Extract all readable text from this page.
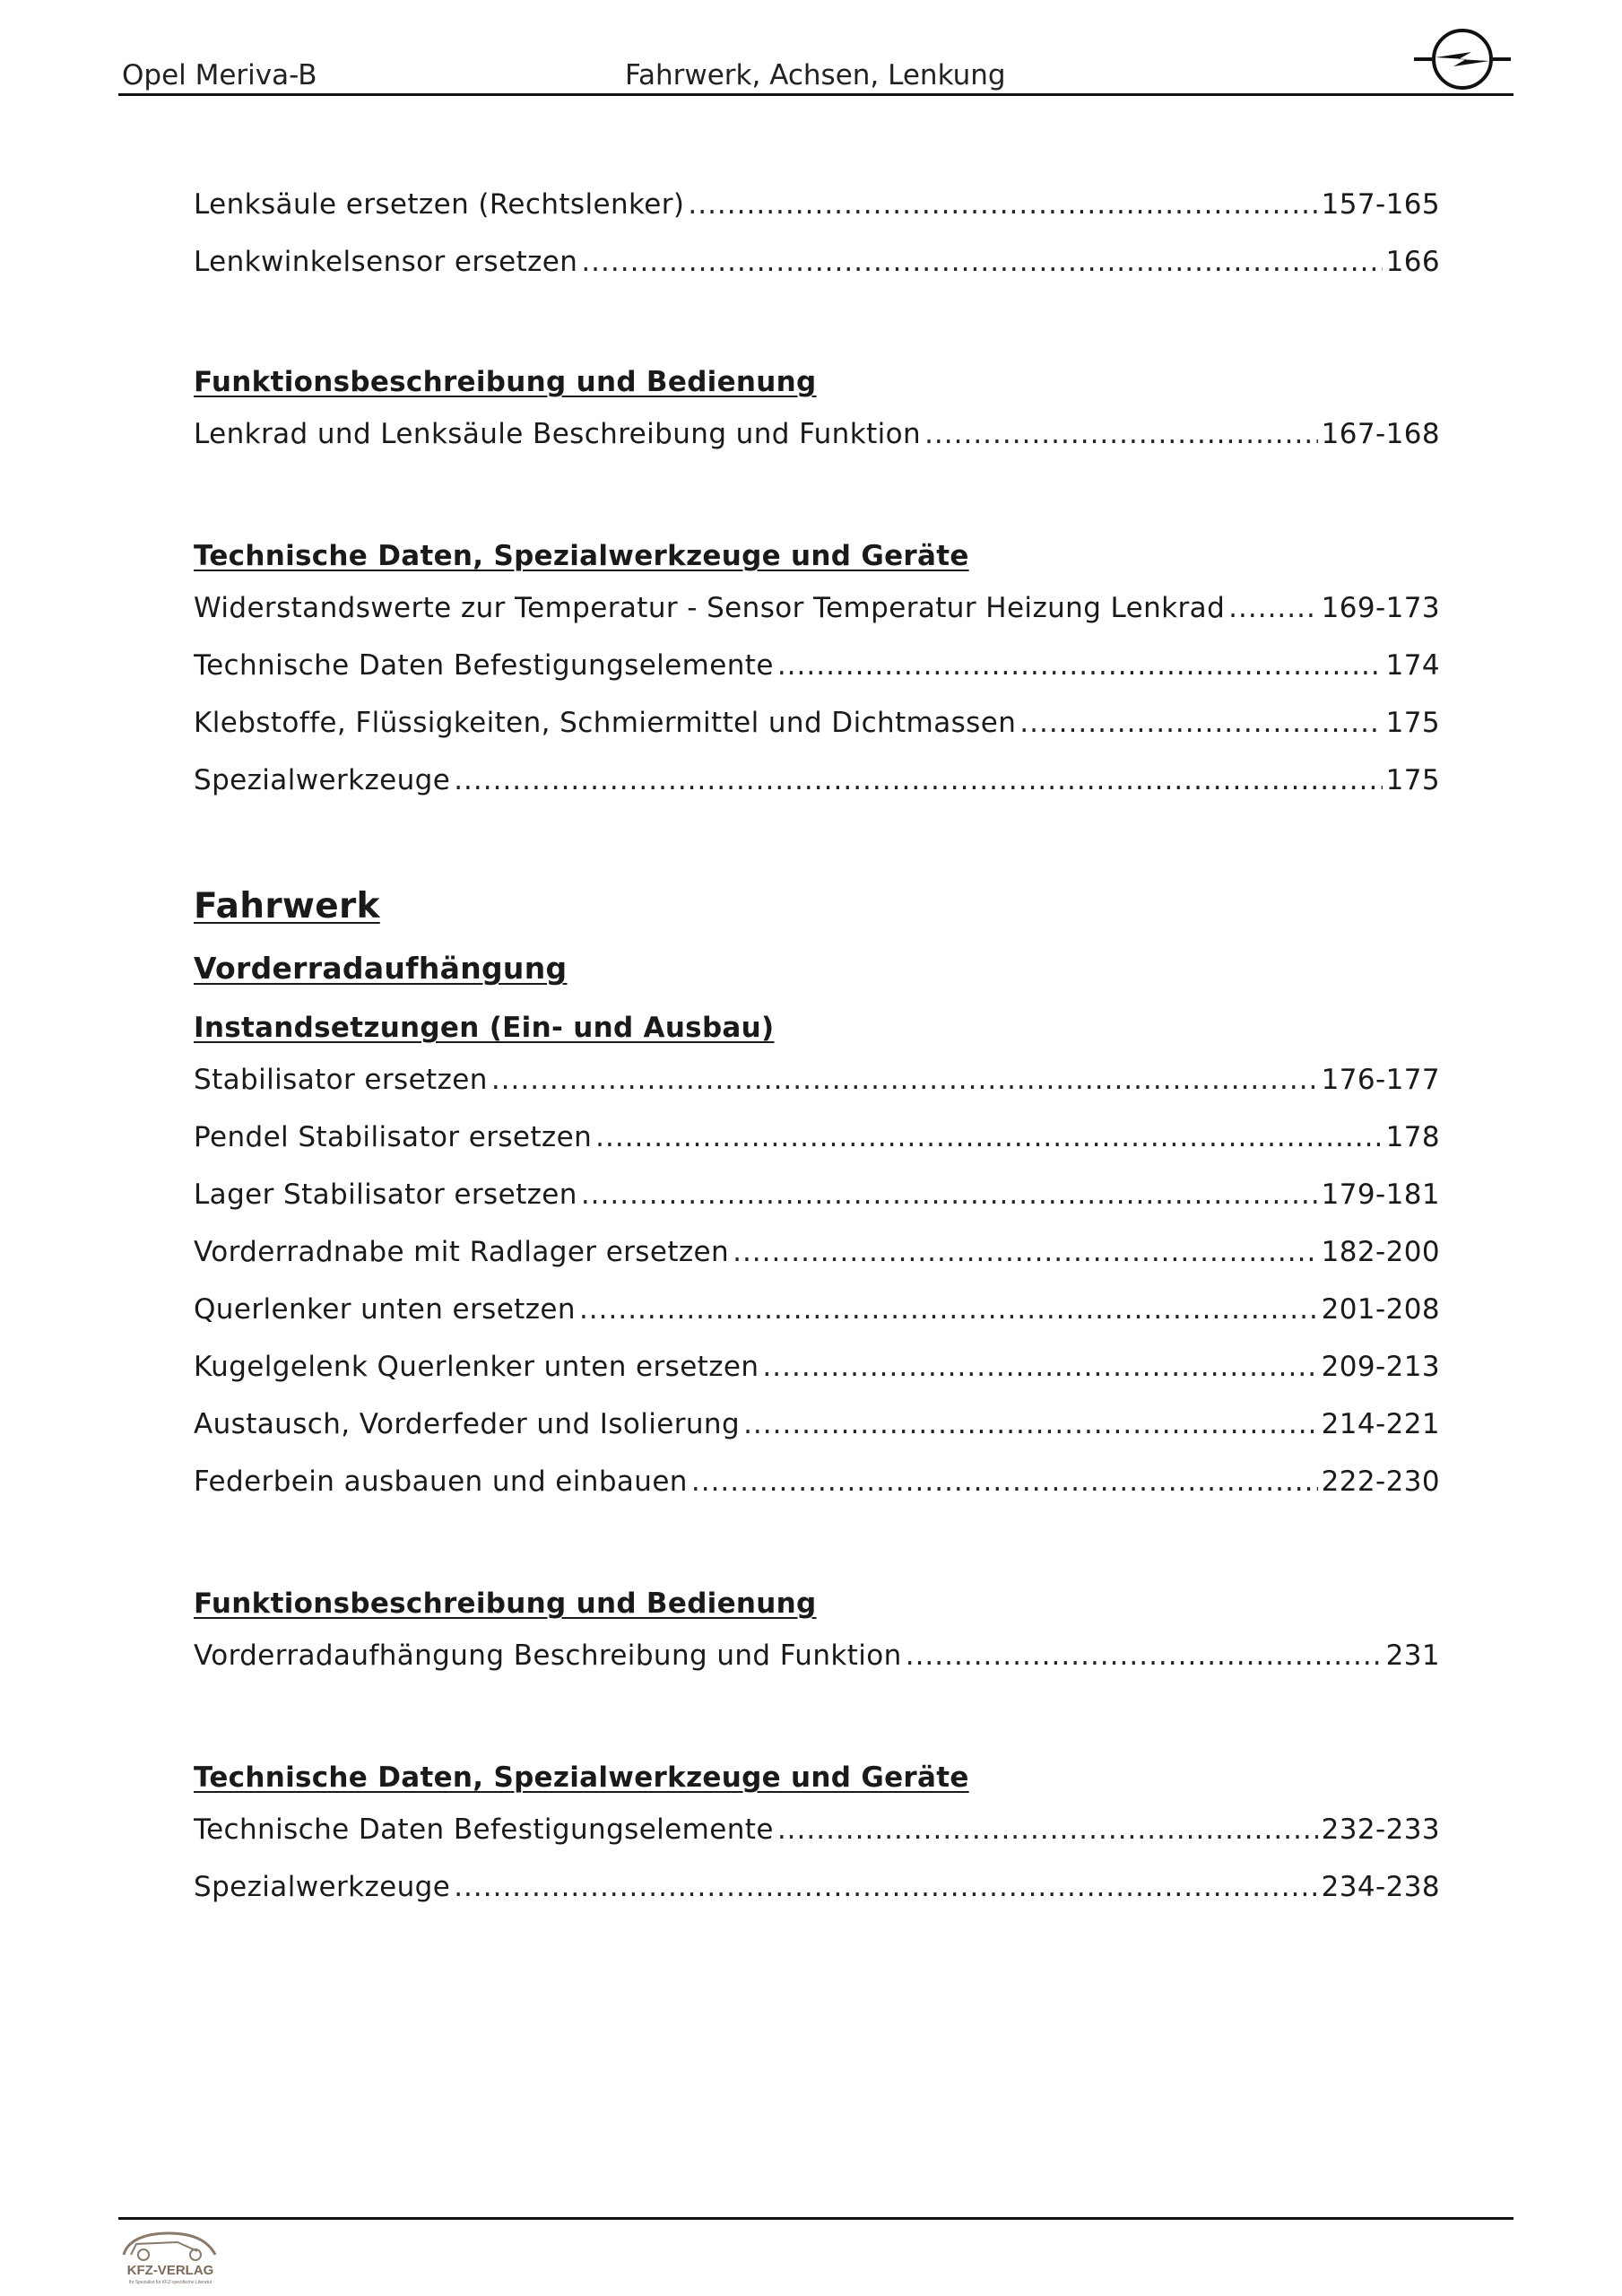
Opel Meriva-B	Fahrwerk, Achsen, Lenkung
Lenksäule ersetzen (Rechtslenker) .....	157-165
Lenkwinkelsensor ersetzen .....	166
Funktionsbeschreibung und Bedienung
Lenkrad und Lenksäule Beschreibung und Funktion .....	167-168
Technische Daten, Spezialwerkzeuge und Geräte
Widerstandswerte zur Temperatur - Sensor Temperatur Heizung Lenkrad .....	169-173
Technische Daten Befestigungselemente .....	174
Klebstoffe, Flüssigkeiten, Schmiermittel und Dichtmassen .....	175
Spezialwerkzeuge .....	175
Fahrwerk
Vorderradaufhängung
Instandsetzungen (Ein- und Ausbau)
Stabilisator ersetzen .....	176-177
Pendel Stabilisator ersetzen .....	178
Lager Stabilisator ersetzen .....	179-181
Vorderradnabe mit Radlager ersetzen .....	182-200
Querlenker unten ersetzen .....	201-208
Kugelgelenk Querlenker unten ersetzen .....	209-213
Austausch, Vorderfeder und Isolierung .....	214-221
Federbein ausbauen und einbauen .....	222-230
Funktionsbeschreibung und Bedienung
Vorderradaufhängung Beschreibung und Funktion .....	231
Technische Daten, Spezialwerkzeuge und Geräte
Technische Daten Befestigungselemente .....	232-233
Spezialwerkzeuge .....	234-238
KFZ-VERLAG
Ihr Spezialist für KFZ-spezifische Literatur
